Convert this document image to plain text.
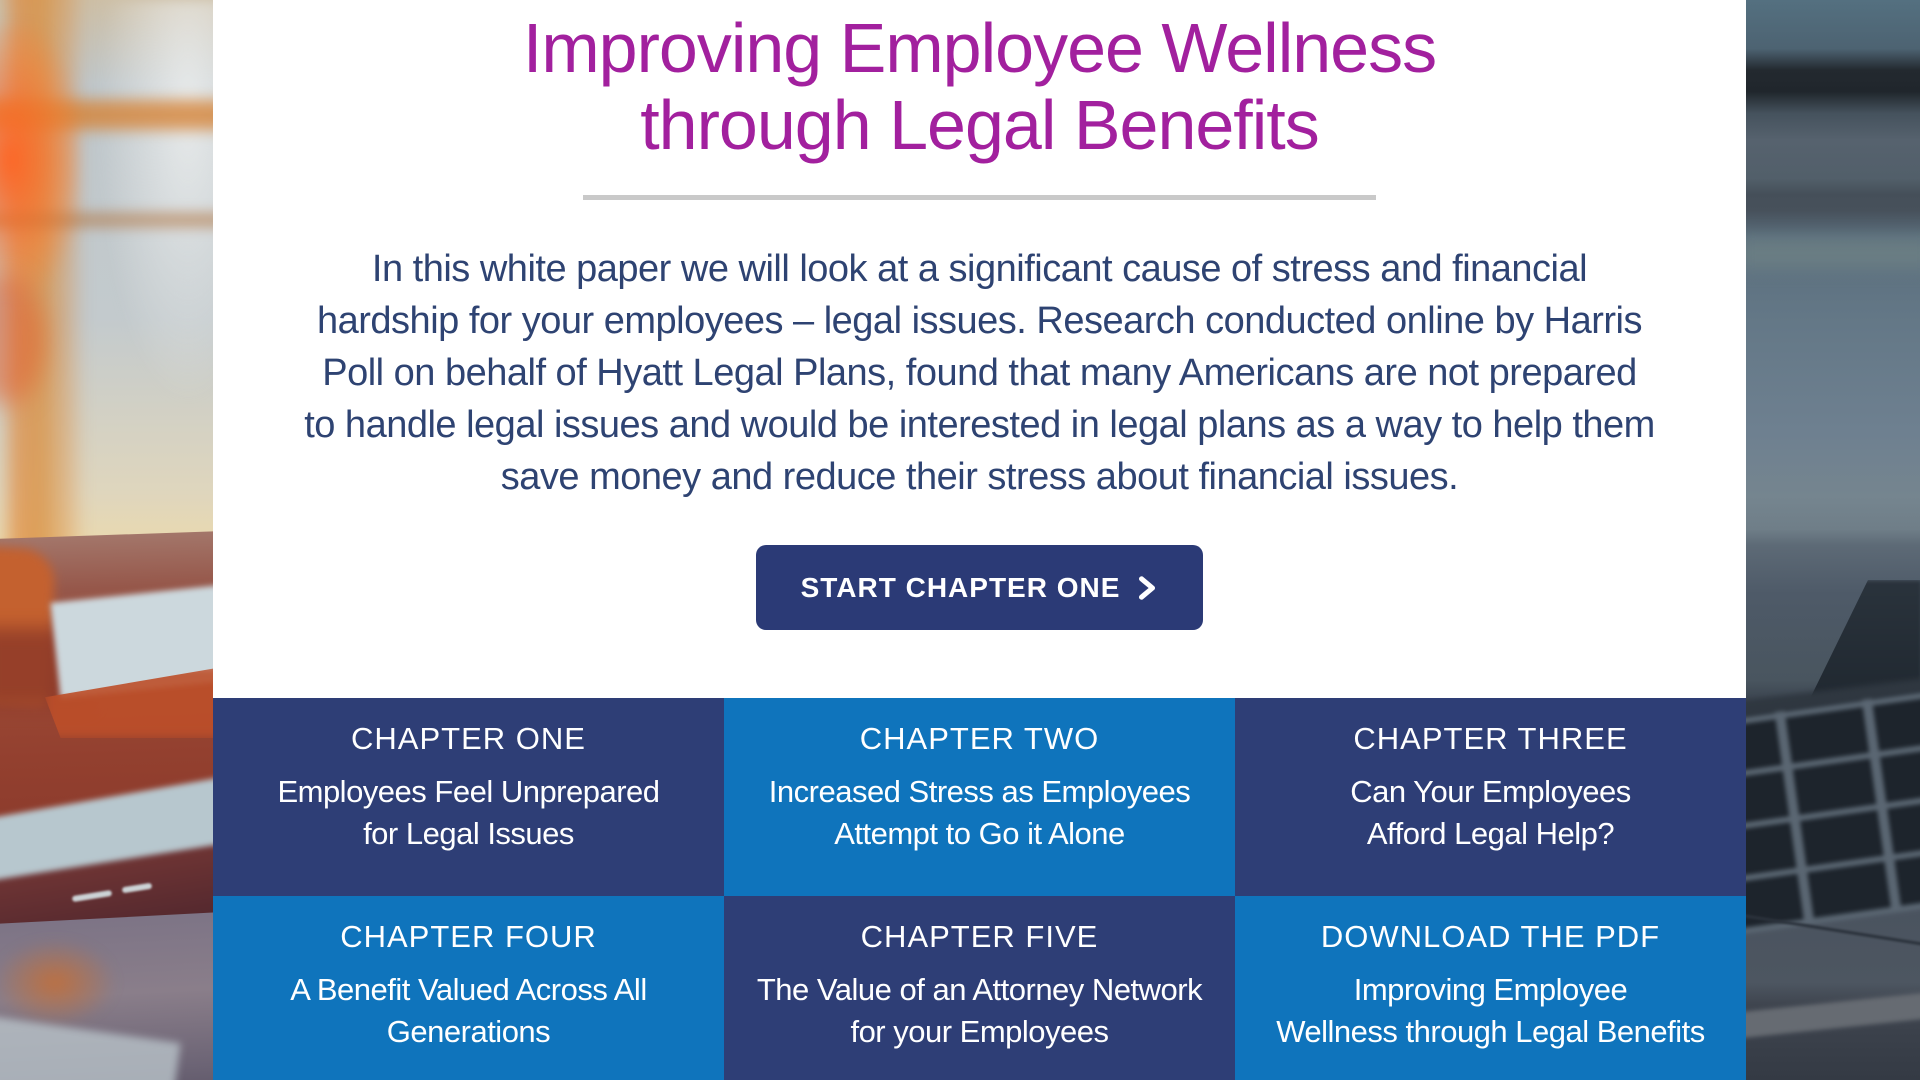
Improving Employee Wellness
through Legal Benefits
In this white paper we will look at a significant cause of stress and financial
hardship for your employees – legal issues. Research conducted online by Harris
Poll on behalf of Hyatt Legal Plans, found that many Americans are not prepared
to handle legal issues and would be interested in legal plans as a way to help them
save money and reduce their stress about financial issues.
START CHAPTER ONE
CHAPTER ONE
Employees Feel Unprepared
for Legal Issues
CHAPTER TWO
Increased Stress as Employees
Attempt to Go it Alone
CHAPTER THREE
Can Your Employees
Afford Legal Help?
CHAPTER FOUR
A Benefit Valued Across All
Generations
CHAPTER FIVE
The Value of an Attorney Network
for your Employees
DOWNLOAD THE PDF
Improving Employee
Wellness through Legal Benefits
